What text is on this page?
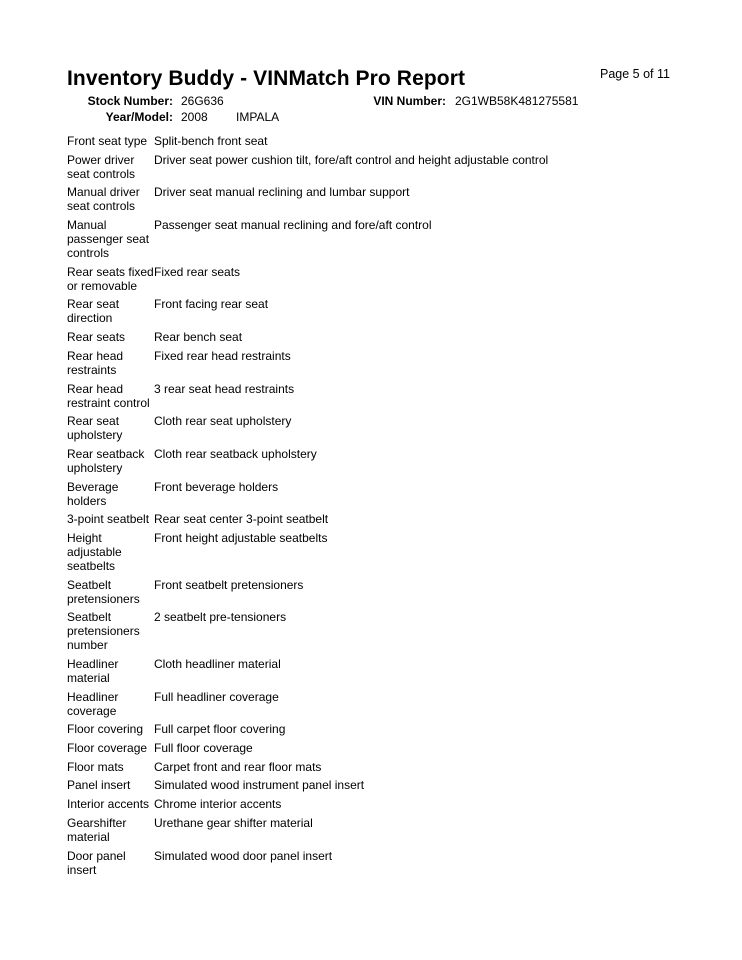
Inventory Buddy - VINMatch Pro Report	Page 5 of 11
Stock Number: 26G636	VIN Number: 2G1WB58K481275581
Year/Model: 2008 IMPALA
Front seat type	Split-bench front seat
Power driver seat controls	Driver seat power cushion tilt, fore/aft control and height adjustable control
Manual driver seat controls	Driver seat manual reclining and lumbar support
Manual passenger seat controls	Passenger seat manual reclining and fore/aft control
Rear seats fixed or removable	Fixed rear seats
Rear seat direction	Front facing rear seat
Rear seats	Rear bench seat
Rear head restraints	Fixed rear head restraints
Rear head restraint control	3 rear seat head restraints
Rear seat upholstery	Cloth rear seat upholstery
Rear seatback upholstery	Cloth rear seatback upholstery
Beverage holders	Front beverage holders
3-point seatbelt	Rear seat center 3-point seatbelt
Height adjustable seatbelts	Front height adjustable seatbelts
Seatbelt pretensioners	Front seatbelt pretensioners
Seatbelt pretensioners number	2 seatbelt pre-tensioners
Headliner material	Cloth headliner material
Headliner coverage	Full headliner coverage
Floor covering	Full carpet floor covering
Floor coverage	Full floor coverage
Floor mats	Carpet front and rear floor mats
Panel insert	Simulated wood instrument panel insert
Interior accents	Chrome interior accents
Gearshifter material	Urethane gear shifter material
Door panel insert	Simulated wood door panel insert
